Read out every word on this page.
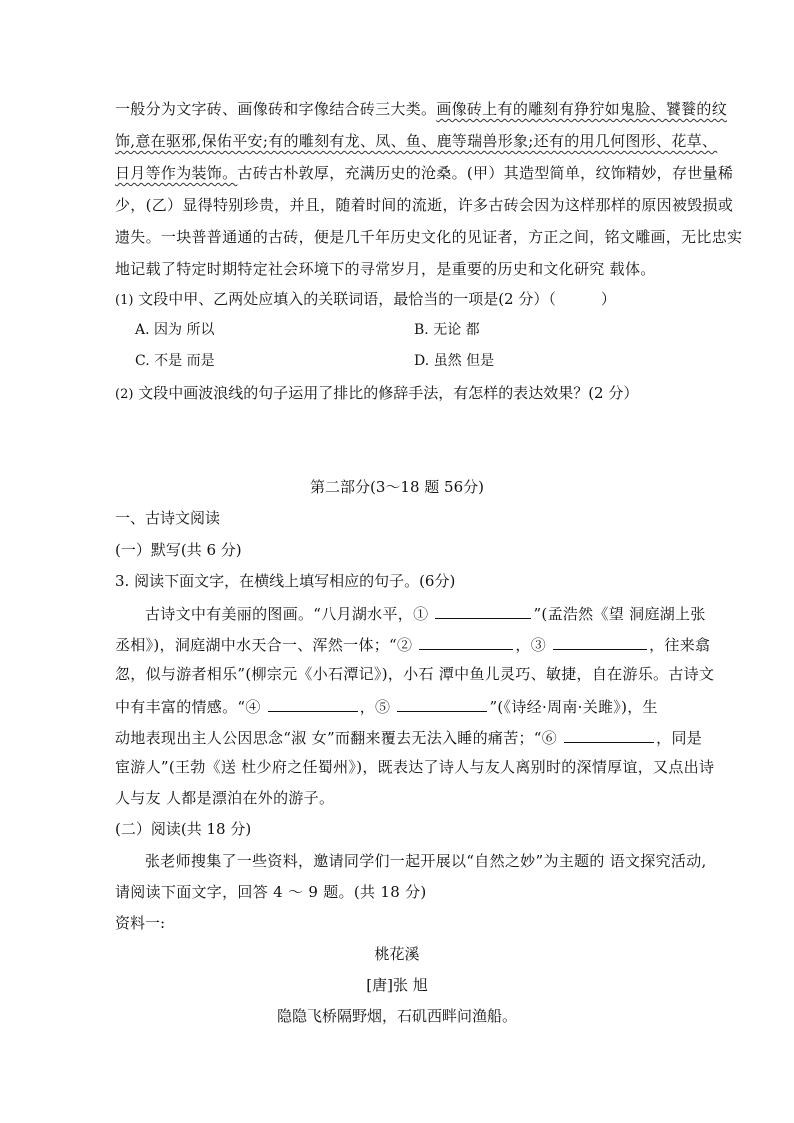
一般分为文字砖、画像砖和字像结合砖三大类。画像砖上有的雕刻有狰狞如鬼脸、饕餮的纹
饰,意在驱邪,保佑平安;有的雕刻有龙、凤、鱼、鹿等瑞兽形象;还有的用几何图形、花草、
日月等作为装饰。古砖古朴敦厚，充满历史的沧桑。(甲）其造型简单，纹饰精妙，存世量稀
少，(乙）显得特别珍贵，并且，随着时间的流逝，许多古砖会因为这样那样的原因被毁损或
遗失。一块普普通通的古砖，便是几千年历史文化的见证者，方正之间，铭文雕画，无比忠实
地记载了特定时期特定社会环境下的寻常岁月，是重要的历史和文化研究 载体。
(1) 文段中甲、乙两处应填入的关联词语，最恰当的一项是(2 分）（　　　）
A. 因为 所以	B. 无论 都
C. 不是 而是	D. 虽然 但是
(2) 文段中画波浪线的句子运用了排比的修辞手法，有怎样的表达效果？(2 分）
第二部分(3～18 题 56分)
一、古诗文阅读
(一）默写(共 6 分)
3. 阅读下面文字，在横线上填写相应的句子。(6分)
古诗文中有美丽的图画。“八月湖水平，①	”(孟浩然《望 洞庭湖上张
丞相》)，洞庭湖中水天合一、浑然一体；“②	，③	，往来翕
忽，似与游者相乐”(柳宗元《小石潭记》)，小石 潭中鱼儿灵巧、敏捷，自在游乐。古诗文
中有丰富的情感。“④	，⑤	”(《诗经·周南·关雎》)，生
动地表现出主人公因思念“淑 女”而翻来覆去无法入睡的痛苦；“⑥	，同是
宦游人”(王勃《送 杜少府之任蜀州》)，既表达了诗人与友人离别时的深情厚谊，又点出诗
人与友 人都是漂泊在外的游子。
(二）阅读(共 18 分)
张老师搜集了一些资料，邀请同学们一起开展以“自然之妙”为主题的 语文探究活动,
请阅读下面文字，回答 4 ～ 9 题。(共 18 分)
资料一:
桃花溪
[唐]张 旭
隐隐飞桥隔野烟，石矶西畔问渔船。
